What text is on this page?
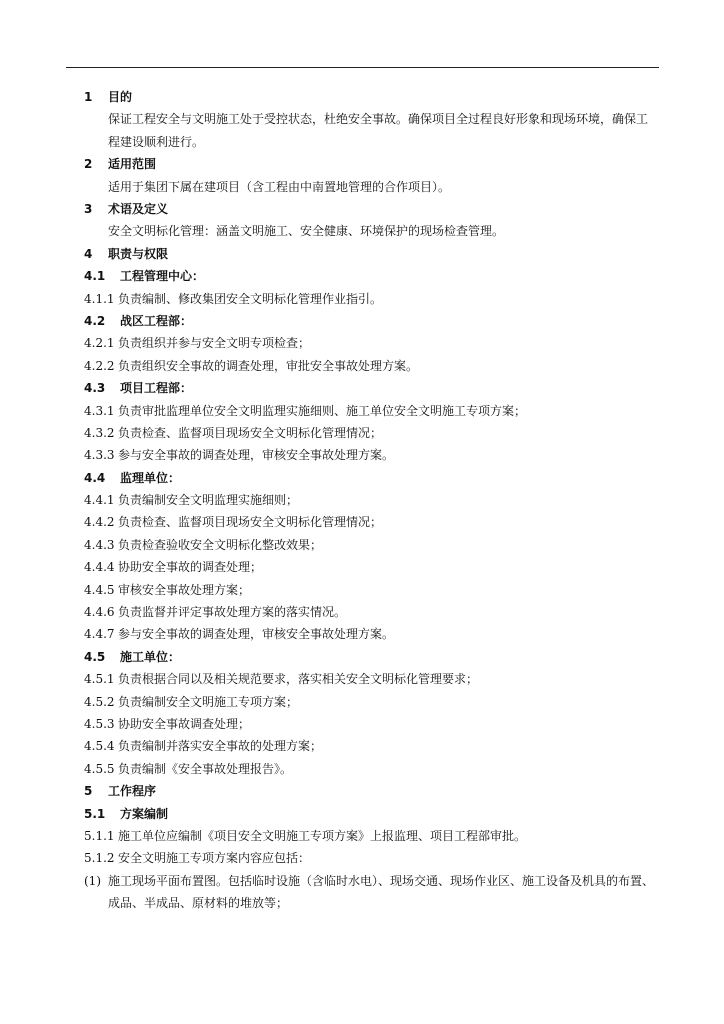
1 目的
保证工程安全与文明施工处于受控状态，杜绝安全事故。确保项目全过程良好形象和现场环境，确保工程建设顺利进行。
2 适用范围
适用于集团下属在建项目（含工程由中南置地管理的合作项目）。
3 术语及定义
安全文明标化管理：涵盖文明施工、安全健康、环境保护的现场检查管理。
4 职责与权限
4.1 工程管理中心：
4.1.1 负责编制、修改集团安全文明标化管理作业指引。
4.2 战区工程部：
4.2.1 负责组织并参与安全文明专项检查；
4.2.2 负责组织安全事故的调查处理，审批安全事故处理方案。
4.3 项目工程部：
4.3.1 负责审批监理单位安全文明监理实施细则、施工单位安全文明施工专项方案；
4.3.2 负责检查、监督项目现场安全文明标化管理情况；
4.3.3 参与安全事故的调查处理，审核安全事故处理方案。
4.4 监理单位：
4.4.1 负责编制安全文明监理实施细则；
4.4.2 负责检查、监督项目现场安全文明标化管理情况；
4.4.3 负责检查验收安全文明标化整改效果；
4.4.4 协助安全事故的调查处理；
4.4.5 审核安全事故处理方案；
4.4.6 负责监督并评定事故处理方案的落实情况。
4.4.7 参与安全事故的调查处理，审核安全事故处理方案。
4.5 施工单位：
4.5.1 负责根据合同以及相关规范要求，落实相关安全文明标化管理要求；
4.5.2 负责编制安全文明施工专项方案；
4.5.3 协助安全事故调查处理；
4.5.4 负责编制并落实安全事故的处理方案；
4.5.5 负责编制《安全事故处理报告》。
5 工作程序
5.1 方案编制
5.1.1 施工单位应编制《项目安全文明施工专项方案》上报监理、项目工程部审批。
5.1.2 安全文明施工专项方案内容应包括：
(1) 施工现场平面布置图。包括临时设施（含临时水电）、现场交通、现场作业区、施工设备及机具的布置、成品、半成品、原材料的堆放等；
